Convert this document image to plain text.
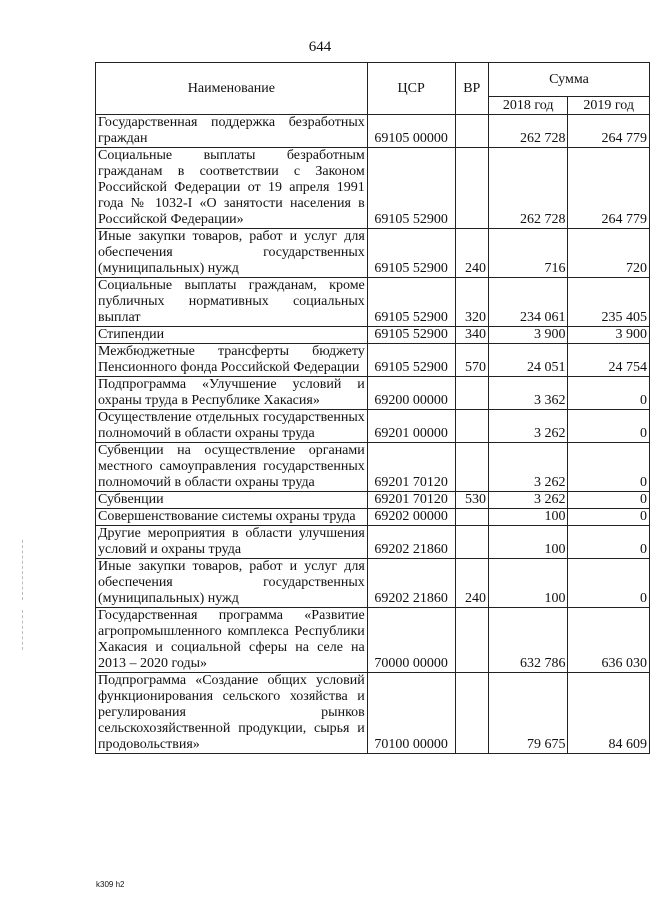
644
Наименование	ЦСР	ВР	Сумма	
			2018 год	2019 год
Государственная поддержка безработных граждан	69105 00000		262 728	264 779
Социальные выплаты безработным гражданам в соответствии с Законом Российской Федерации от 19 апреля 1991 года № 1032-I «О занятости населения в Российской Федерации»	69105 52900		262 728	264 779
Иные закупки товаров, работ и услуг для обеспечения государственных (муниципальных) нужд	69105 52900	240	716	720
Социальные выплаты гражданам, кроме публичных нормативных социальных выплат	69105 52900	320	234 061	235 405
Стипендии	69105 52900	340	3 900	3 900
Межбюджетные трансферты бюджету Пенсионного фонда Российской Федерации	69105 52900	570	24 051	24 754
Подпрограмма «Улучшение условий и охраны труда в Республике Хакасия»	69200 00000		3 362	0
Осуществление отдельных государственных полномочий в области охраны труда	69201 00000		3 262	0
Субвенции на осуществление органами местного самоуправления государственных полномочий в области охраны труда	69201 70120		3 262	0
Субвенции	69201 70120	530	3 262	0
Совершенствование системы охраны труда	69202 00000		100	0
Другие мероприятия в области улучшения условий и охраны труда	69202 21860		100	0
Иные закупки товаров, работ и услуг для обеспечения государственных (муниципальных) нужд	69202 21860	240	100	0
Государственная программа «Развитие агропромышленного комплекса Республики Хакасия и социальной сферы на селе на 2013 – 2020 годы»	70000 00000		632 786	636 030
Подпрограмма «Создание общих условий функционирования сельского хозяйства и регулирования рынков сельскохозяйственной продукции, сырья и продовольствия»	70100 00000		79 675	84 609
k309 h2
